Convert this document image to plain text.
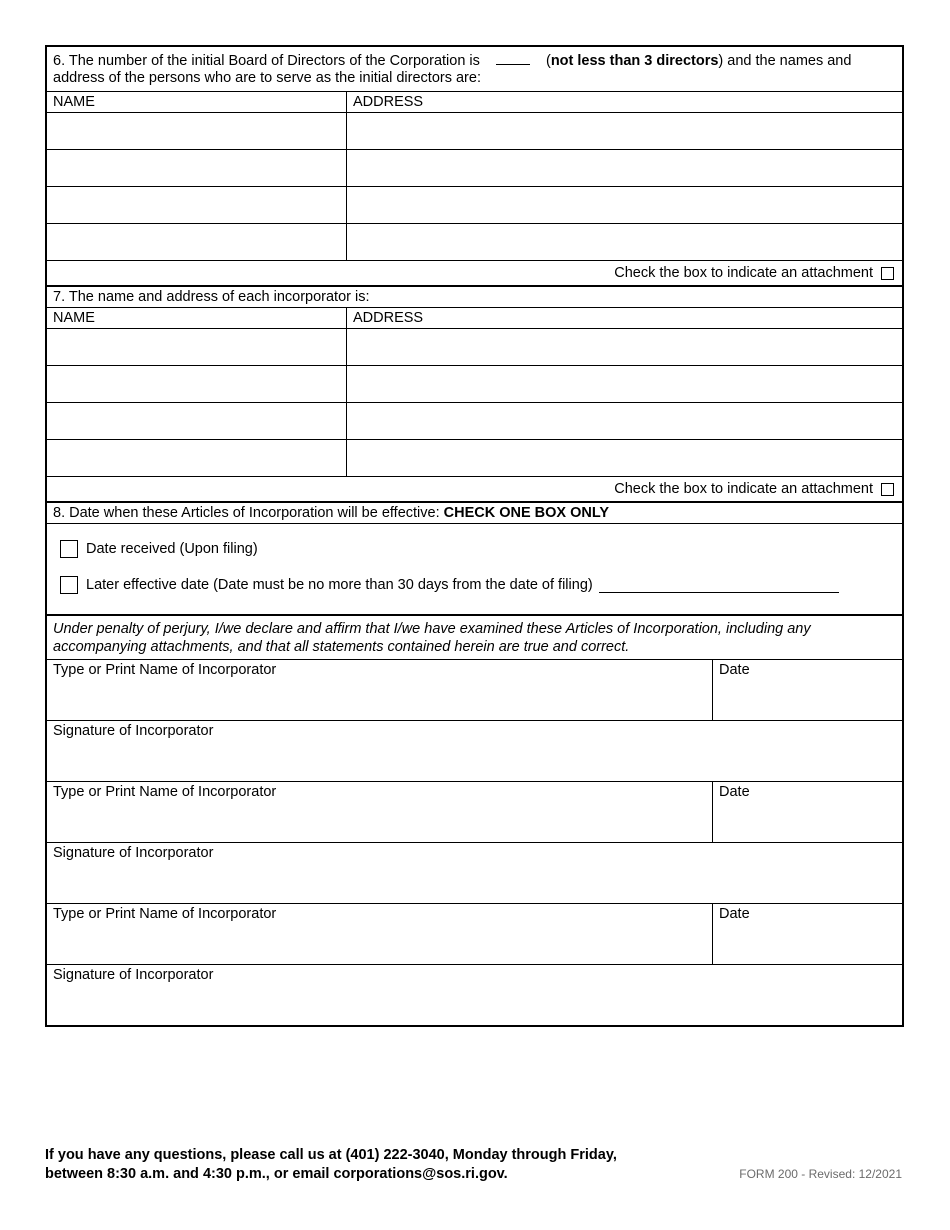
6. The number of the initial Board of Directors of the Corporation is	(not less than 3 directors) and the names and
address of the persons who are to serve as the initial directors are:
NAME	ADDRESS
Check the box to indicate an attachment
7. The name and address of each incorporator is:
NAME	ADDRESS
Check the box to indicate an attachment
8. Date when these Articles of Incorporation will be effective: CHECK ONE BOX ONLY
Date received (Upon filing)
Later effective date (Date must be no more than 30 days from the date of filing)
Under penalty of perjury, I/we declare and affirm that I/we have examined these Articles of Incorporation, including any
accompanying attachments, and that all statements contained herein are true and correct.
Type or Print Name of Incorporator	Date
Signature of Incorporator
Type or Print Name of Incorporator	Date
Signature of Incorporator
Type or Print Name of Incorporator	Date
Signature of Incorporator
If you have any questions, please call us at (401) 222-3040, Monday through Friday,
between 8:30 a.m. and 4:30 p.m., or email corporations@sos.ri.gov.	FORM 200 - Revised: 12/2021
